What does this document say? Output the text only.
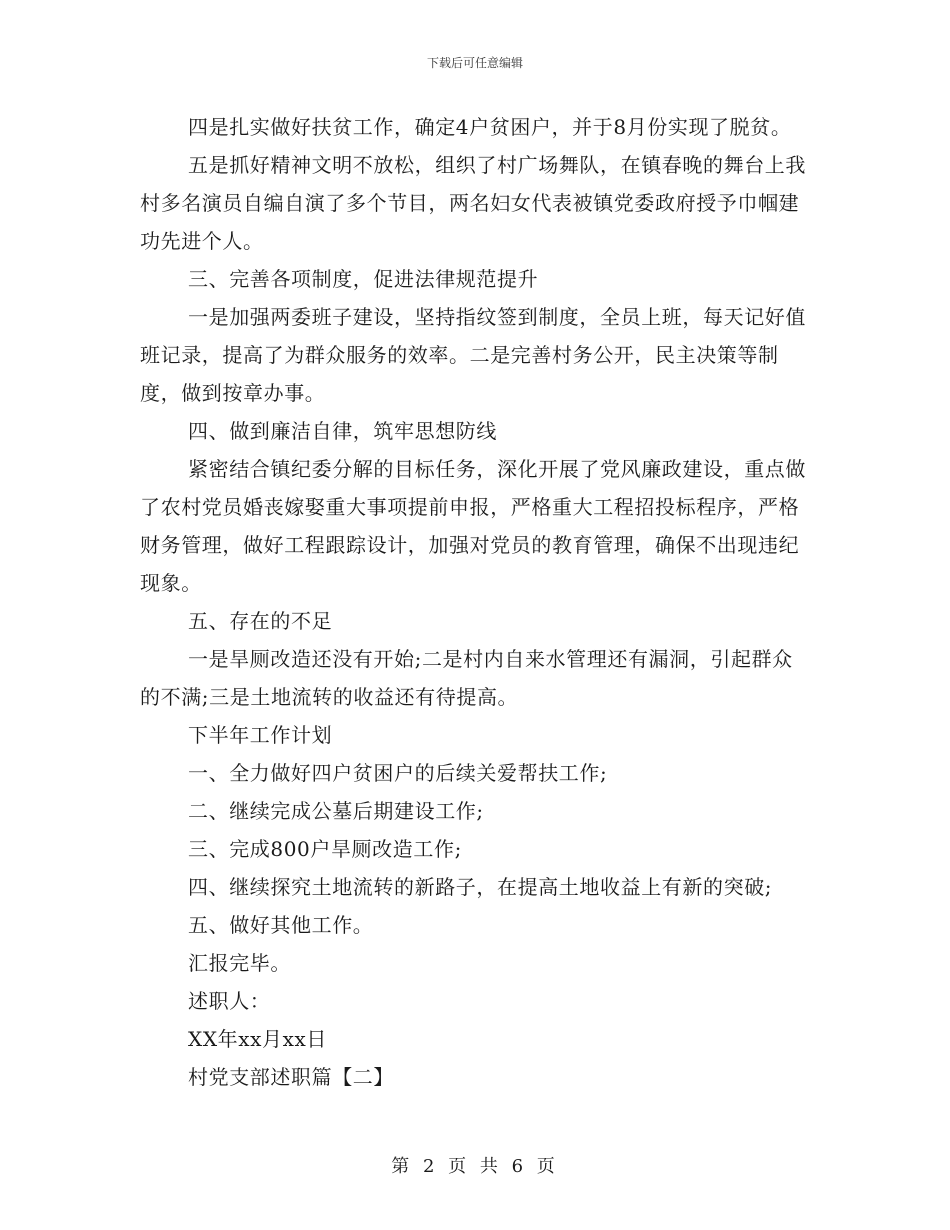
下载后可任意编辑

四是扎实做好扶贫工作，确定4户贫困户，并于8月份实现了脱贫。

五是抓好精神文明不放松，组织了村广场舞队，在镇春晚的舞台上我村多名演员自编自演了多个节目，两名妇女代表被镇党委政府授予巾帼建功先进个人。

三、完善各项制度，促进法律规范提升

一是加强两委班子建设，坚持指纹签到制度，全员上班，每天记好值班记录，提高了为群众服务的效率。二是完善村务公开，民主决策等制度，做到按章办事。

四、做到廉洁自律，筑牢思想防线

紧密结合镇纪委分解的目标任务，深化开展了党风廉政建设，重点做了农村党员婚丧嫁娶重大事项提前申报，严格重大工程招投标程序，严格财务管理，做好工程跟踪设计，加强对党员的教育管理，确保不出现违纪现象。

五、存在的不足

一是旱厕改造还没有开始;二是村内自来水管理还有漏洞，引起群众的不满;三是土地流转的收益还有待提高。

下半年工作计划

一、全力做好四户贫困户的后续关爱帮扶工作;

二、继续完成公墓后期建设工作;

三、完成800户旱厕改造工作;

四、继续探究土地流转的新路子，在提高土地收益上有新的突破;

五、做好其他工作。

汇报完毕。

述职人：

XX年xx月xx日

村党支部述职篇【二】

第 2 页 共 6 页
